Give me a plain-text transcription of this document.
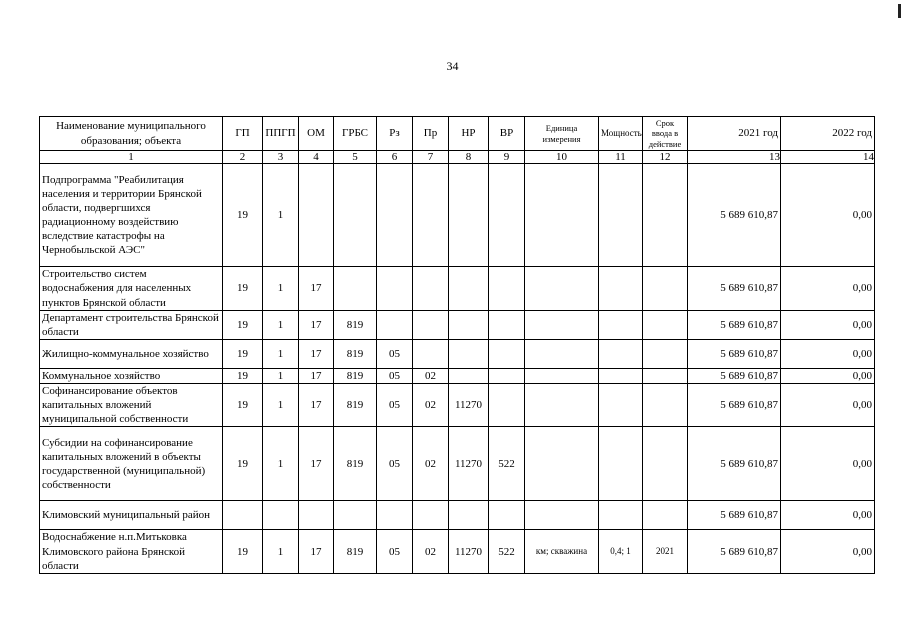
34
Наименование муниципального образования; объекта	ГП	ППГП	ОМ	ГРБС	Рз	Пр	НР	ВР	Единица измерения	Мощность	Срок ввода в действие	2021 год	2022 год
1	2	3	4	5	6	7	8	9	10	11	12	13	14
Подпрограмма "Реабилитация населения и территории Брянской области, подвергшихся радиационному воздействию вследствие катастрофы на Чернобыльской АЭС"	19	1										5 689 610,87	0,00
Строительство систем водоснабжения для населенных пунктов Брянской области	19	1	17									5 689 610,87	0,00
Департамент строительства Брянской области	19	1	17	819								5 689 610,87	0,00
Жилищно-коммунальное хозяйство	19	1	17	819	05							5 689 610,87	0,00
Коммунальное хозяйство	19	1	17	819	05	02						5 689 610,87	0,00
Софинансирование объектов капитальных вложений муниципальной собственности	19	1	17	819	05	02	11270					5 689 610,87	0,00
Субсидии на софинансирование капитальных вложений в объекты государственной (муниципальной) собственности	19	1	17	819	05	02	11270	522				5 689 610,87	0,00
Климовский муниципальный район												5 689 610,87	0,00
Водоснабжение н.п.Митьковка Климовского района Брянской области	19	1	17	819	05	02	11270	522	км; скважина	0,4; 1	2021	5 689 610,87	0,00
